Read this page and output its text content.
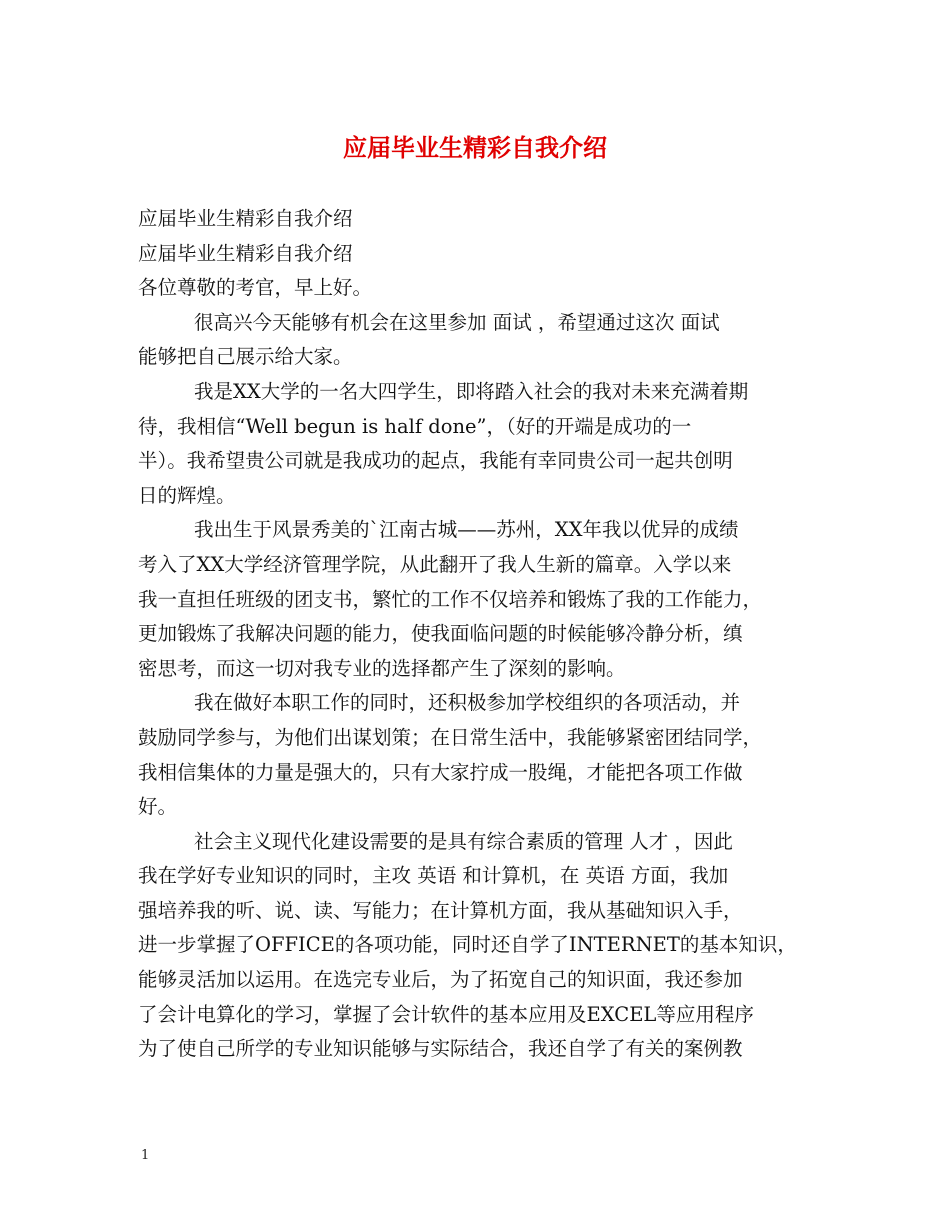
应届毕业生精彩自我介绍
应届毕业生精彩自我介绍
应届毕业生精彩自我介绍
各位尊敬的考官，早上好。
很高兴今天能够有机会在这里参加 面试 ，希望通过这次 面试
能够把自己展示给大家。
我是XX大学的一名大四学生，即将踏入社会的我对未来充满着期
待，我相信“Well begun is half done”，（好的开端是成功的一
半）。我希望贵公司就是我成功的起点，我能有幸同贵公司一起共创明
日的辉煌。
我出生于风景秀美的`江南古城——苏州，XX年我以优异的成绩
考入了XX大学经济管理学院，从此翻开了我人生新的篇章。入学以来
我一直担任班级的团支书，繁忙的工作不仅培养和锻炼了我的工作能力，
更加锻炼了我解决问题的能力，使我面临问题的时候能够冷静分析，缜
密思考，而这一切对我专业的选择都产生了深刻的影响。
我在做好本职工作的同时，还积极参加学校组织的各项活动，并
鼓励同学参与，为他们出谋划策；在日常生活中，我能够紧密团结同学，
我相信集体的力量是强大的，只有大家拧成一股绳，才能把各项工作做
好。
社会主义现代化建设需要的是具有综合素质的管理 人才 ，因此
我在学好专业知识的同时，主攻 英语 和计算机，在 英语 方面，我加
强培养我的听、说、读、写能力；在计算机方面，我从基础知识入手，
进一步掌握了OFFICE的各项功能，同时还自学了INTERNET的基本知识，
能够灵活加以运用。在选完专业后，为了拓宽自己的知识面，我还参加
了会计电算化的学习，掌握了会计软件的基本应用及EXCEL等应用程序
为了使自己所学的专业知识能够与实际结合，我还自学了有关的案例教
1
